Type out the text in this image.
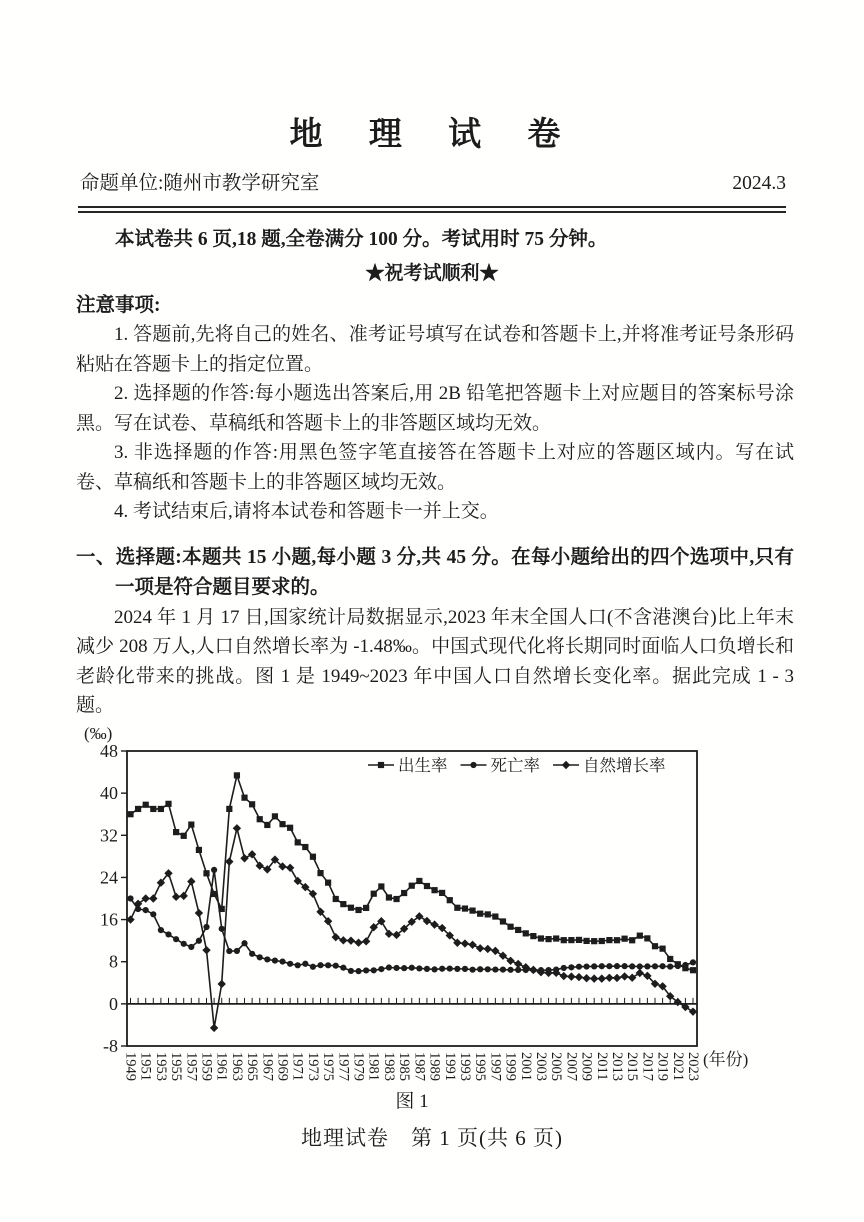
地 理 试 卷
命题单位:随州市教学研究室	2024.3

本试卷共 6 页,18 题,全卷满分 100 分。考试用时 75 分钟。

★祝考试顺利★

注意事项:

1. 答题前,先将自己的姓名、准考证号填写在试卷和答题卡上,并将准考证号条形码粘贴在答题卡上的指定位置。

2. 选择题的作答:每小题选出答案后,用 2B 铅笔把答题卡上对应题目的答案标号涂黑。写在试卷、草稿纸和答题卡上的非答题区域均无效。

3. 非选择题的作答:用黑色签字笔直接答在答题卡上对应的答题区域内。写在试卷、草稿纸和答题卡上的非答题区域均无效。

4. 考试结束后,请将本试卷和答题卡一并上交。

一、选择题:本题共 15 小题,每小题 3 分,共 45 分。在每小题给出的四个选项中,只有一项是符合题目要求的。

2024 年 1 月 17 日,国家统计局数据显示,2023 年末全国人口(不含港澳台)比上年末减少 208 万人,人口自然增长率为 -1.48‰。中国式现代化将长期同时面临人口负增长和老龄化带来的挑战。图 1 是 1949~2023 年中国人口自然增长变化率。据此完成 1 - 3 题。

48
40
32
24
16
8
0
-8
(‰)
(年份)
1949 1951 1953 1955 1957 1959 1961 1963 1965 1967 1969 1971 1973 1975 1977 1979 1981 1983 1985 1987 1989 1991 1993 1995 1997 1999 2001 2003 2005 2007 2009 2011 2013 2015 2017 2019 2021 2023
出生率	死亡率	自然增长率
图 1
地理试卷　第 1 页(共 6 页)
